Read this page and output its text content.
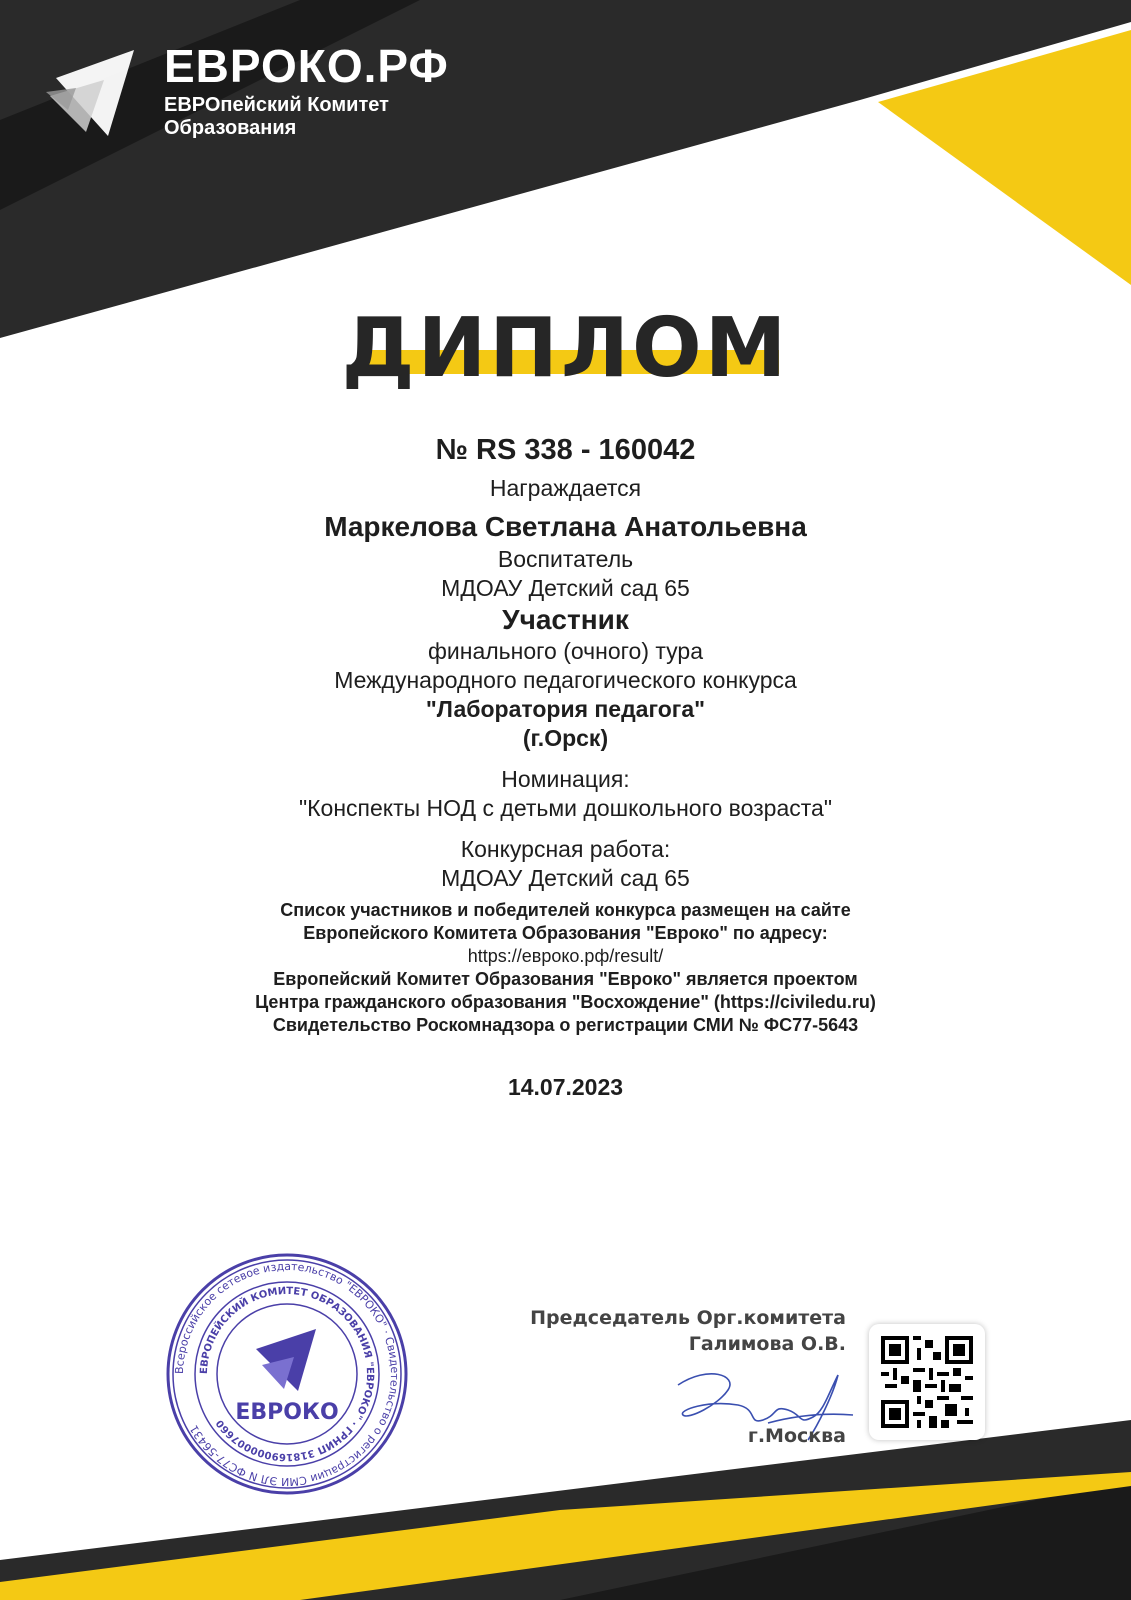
ЕВРОКО.РФ
ЕВРОпейский Комитет
Образования
ДИПЛОМ
№ RS 338 - 160042
Награждается
Маркелова Светлана Анатольевна
Воспитатель
МДОАУ Детский сад 65
Участник
финального (очного) тура
Международного педагогического конкурса
"Лаборатория педагога"
(г.Орск)
Номинация:
"Конспекты НОД с детьми дошкольного возраста"
Конкурсная работа:
МДОАУ Детский сад 65
Список участников и победителей конкурса размещен на сайте
Европейского Комитета Образования "Евроко" по адресу:
https://евроко.рф/result/
Европейский Комитет Образования "Евроко" является проектом
Центра гражданского образования "Восхождение" (https://civiledu.ru)
Свидетельство Роскомнадзора о регистрации СМИ № ФС77-5643
14.07.2023
Всероссийское сетевое издательство "ЕВРОКО" · Свидетельство о регистрации СМИ ЭЛ N ФС77-56431
ЕВРОПЕЙСКИЙ КОМИТЕТ ОБРАЗОВАНИЯ "ЕВРОКО" · ГРНИП 318169000007660 ЕВРОКО
Председатель Орг.комитета
Галимова О.В.
г.Москва
